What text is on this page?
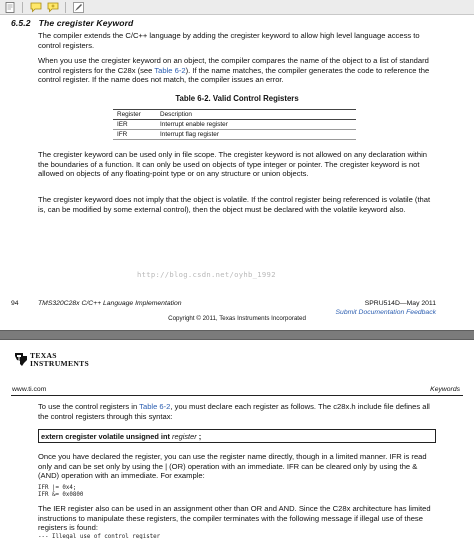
6.5.2 The cregister Keyword
The compiler extends the C/C++ language by adding the cregister keyword to allow high level language access to control registers.
When you use the cregister keyword on an object, the compiler compares the name of the object to a list of standard control registers for the C28x (see Table 6-2). If the name matches, the compiler generates the code to reference the control register. If the name does not match, the compiler issues an error.
Table 6-2. Valid Control Registers
Register	Description
IER	Interrupt enable register
IFR	Interrupt flag register
The cregister keyword can be used only in file scope. The cregister keyword is not allowed on any declaration within the boundaries of a function. It can only be used on objects of type integer or pointer. The cregister keyword is not allowed on objects of any floating-point type or on any structure or union objects.
The cregister keyword does not imply that the object is volatile. If the control register being referenced is volatile (that is, can be modified by some external control), then the object must be declared with the volatile keyword also.
http://blog.csdn.net/oyhb_1992
94	TMS320C28x C/C++ Language Implementation	SPRU514D—May 2011
Submit Documentation Feedback
Copyright © 2011, Texas Instruments Incorporated
TEXAS
INSTRUMENTS
www.ti.com	Keywords
To use the control registers in Table 6-2, you must declare each register as follows. The c28x.h include file defines all the control registers through this syntax:
extern cregister volatile unsigned int register ;
Once you have declared the register, you can use the register name directly, though in a limited manner. IFR is read only and can be set only by using the | (OR) operation with an immediate. IFR can be cleared only by using the & (AND) operation with an immediate. For example:
IFR |= 0x4;
IFR &= 0x0800
The IER register also can be used in an assignment other than OR and AND. Since the C28x architecture has limited instructions to manipulate these registers, the compiler terminates with the following message if illegal use of these registers is found:
--- Illegal use of control register
